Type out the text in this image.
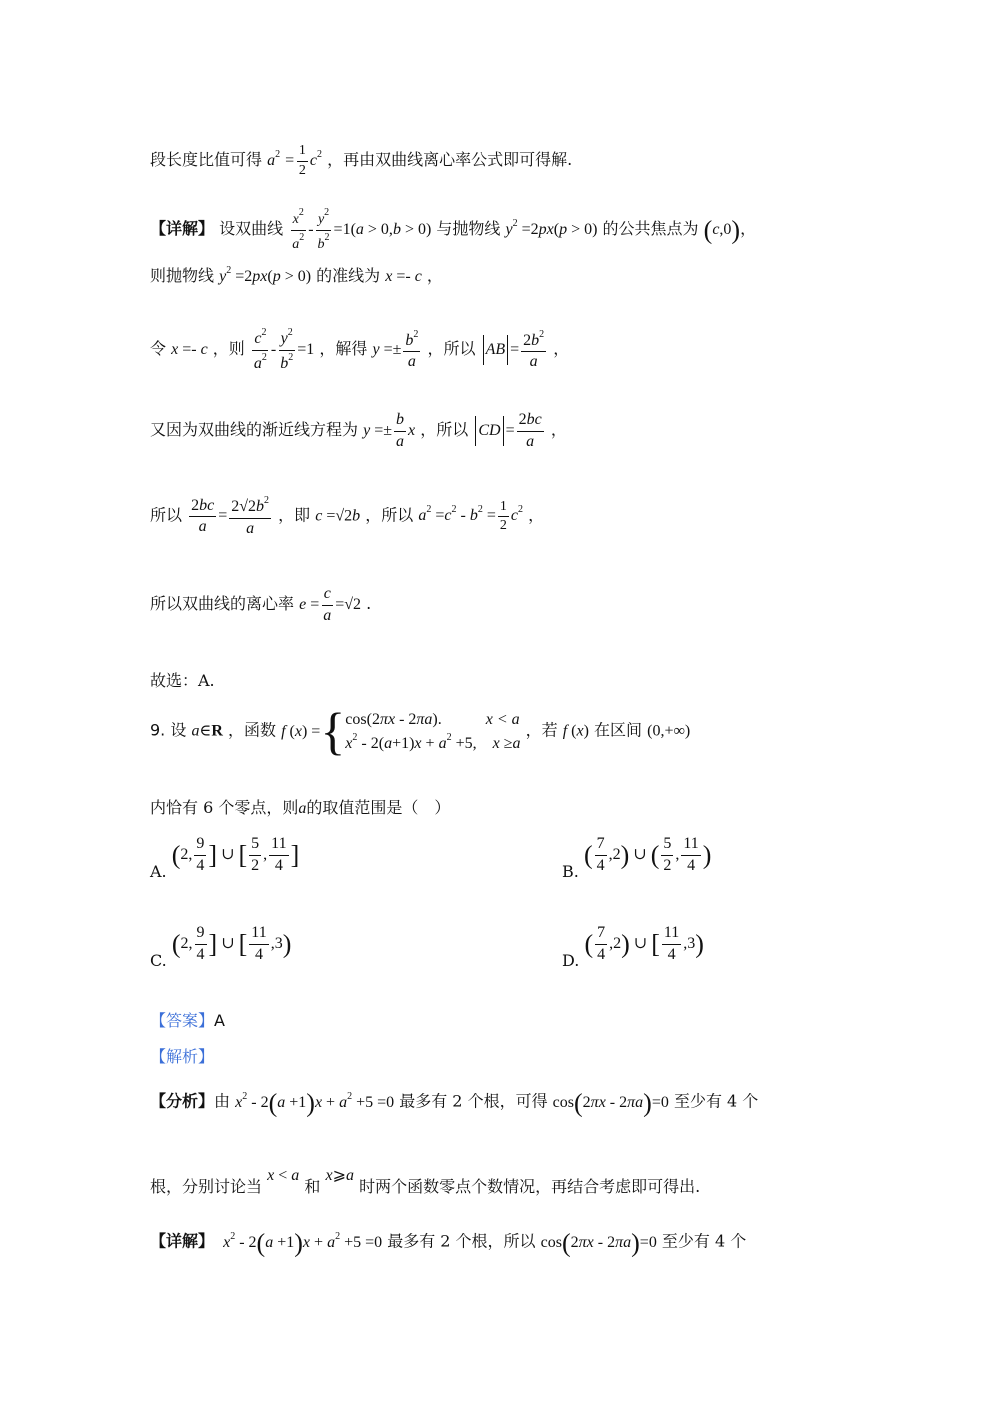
段长度比值可得 $a^2 = \frac{1}{2} c^2$ ，再由双曲线离心率公式即可得解.
【详解】 设双曲线 $\frac{x^2}{a^2} - \frac{y^2}{b^2} =1(a > 0,b > 0)$ 与抛物线 $y^2 =2px(p > 0)$ 的公共焦点为 (c,0)，
则抛物线 $y^2 =2px(p > 0)$ 的准线为 x =- c ，
令 x =- c ，则 $\frac{c^2}{a^2} - \frac{y^2}{b^2} =1$ ，解得 $y =\pm \frac{b^2}{a}$ ，所以 AB = $\frac{2b^2}{a}$ ，
又因为双曲线的渐近线方程为 $y =\pm \frac{b}{a}$ x ，所以 CD = $\frac{2bc}{a}$ ，
所以 $\frac{2bc}{a} = \frac{2√2b^2}{a}$ ，即 c =√2b ，所以 $a^2 =c^2 - b^2 = \frac{1}{2} c^2$ ，
所以双曲线的离心率 $e = \frac{c}{a} =√2$ .
故选：A.
9. 设 a∈R ，函数 f (x) ={ cos(2πx - 2πa).           x < a
$x^2 - 2(a+1)x + a^2 +5$,    x ≥a
，若 f (x) 在区间 (0,+∞)
内恰有 6 个零点，则a的取值范围是（　）
A. (2, $\frac{9}{4}$ ] ∪ [ $\frac{5}{2}$ , $\frac{11}{4}$ ]
B. ( $\frac{7}{4} ,2$) ∪ ( $\frac{5}{2}$ , $\frac{11}{4}$ )
C. (2, $\frac{9}{4}$ ] ∪ [ $\frac{11}{4} ,3$)
D. ( $\frac{7}{4} ,2$) ∪ [ $\frac{11}{4} ,3$)
【答案】A
【解析】
【分析】由 $x^2 - 2(a +1)x + a^2 +5 =0$ 最多有 2 个根，可得 cos(2πx - 2πa)=0 至少有 4 个
根，分别讨论当 x < a 和 x⩾a 时两个函数零点个数情况，再结合考虑即可得出.
【详解】  $x^2 - 2(a +1)x + a^2 +5 =0$ 最多有 2 个根，所以 cos(2πx - 2πa)=0 至少有 4 个
